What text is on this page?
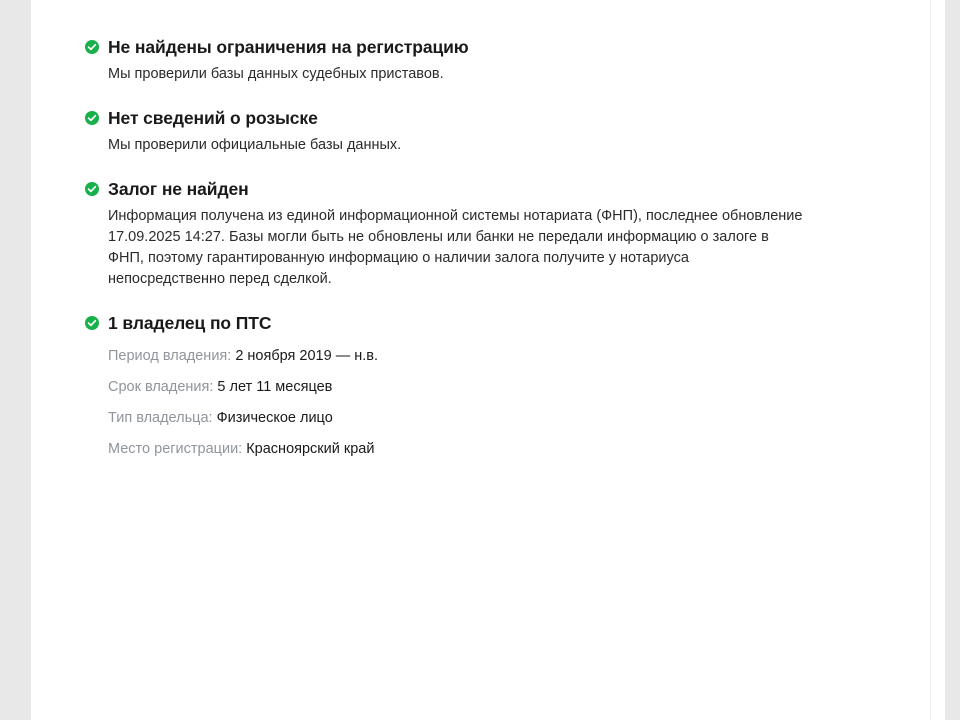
Не найдены ограничения на регистрацию
Мы проверили базы данных судебных приставов.
Нет сведений о розыске
Мы проверили официальные базы данных.
Залог не найден
Информация получена из единой информационной системы нотариата (ФНП), последнее обновление 17.09.2025 14:27. Базы могли быть не обновлены или банки не передали информацию о залоге в ФНП, поэтому гарантированную информацию о наличии залога получите у нотариуса непосредственно перед сделкой.
1 владелец по ПТС
Период владения: 2 ноября 2019 — н.в.
Срок владения: 5 лет 11 месяцев
Тип владельца: Физическое лицо
Место регистрации: Красноярский край
